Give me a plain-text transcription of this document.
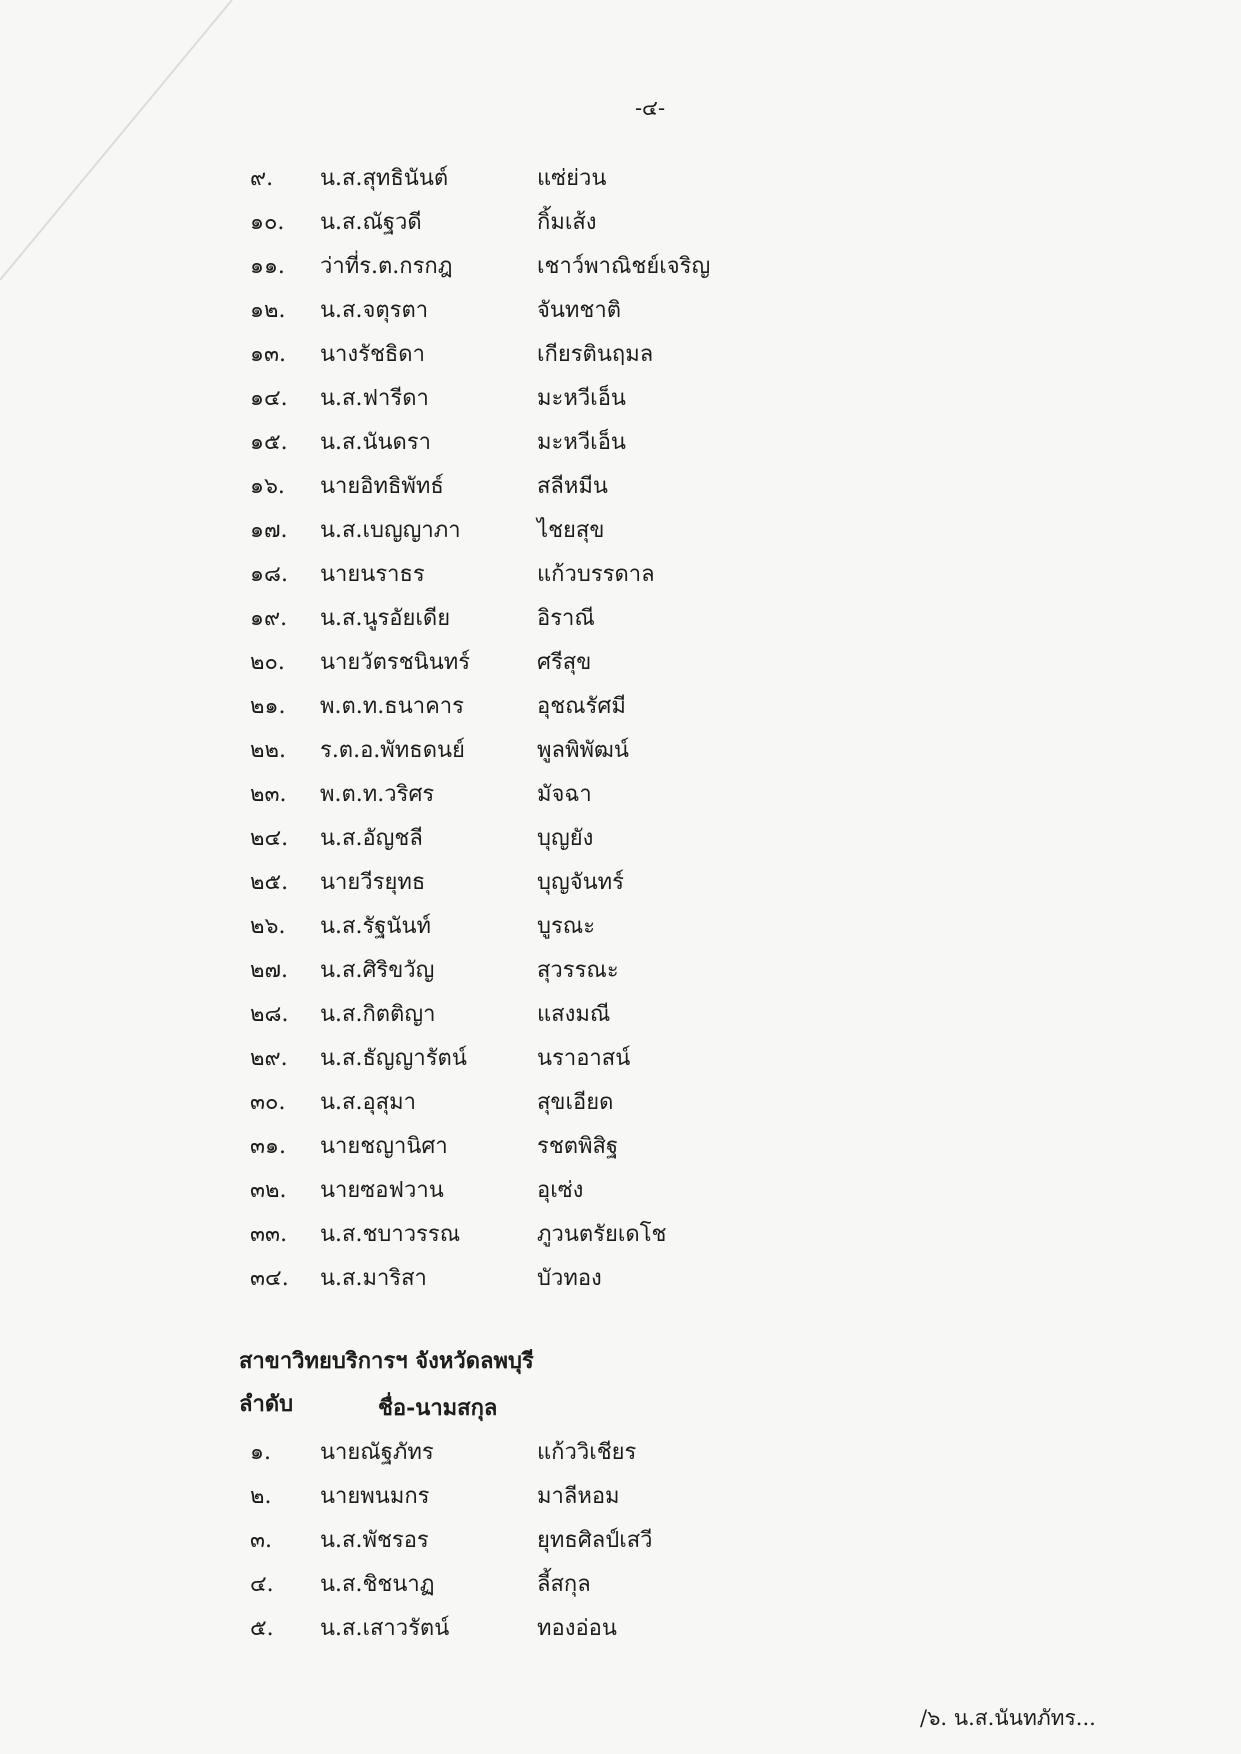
-๔-
๙. น.ส.สุทธินันต์	แซ่ย่วน
๑๐. น.ส.ณัฐวดี	กิ้มเส้ง
๑๑. ว่าที่ร.ต.กรกฎ	เชาว์พาณิชย์เจริญ
๑๒. น.ส.จตุรตา	จันทชาติ
๑๓. นางรัชธิดา	เกียรตินฤมล
๑๔. น.ส.ฟารีดา	มะหวีเอ็น
๑๕. น.ส.นันดรา	มะหวีเอ็น
๑๖. นายอิทธิพัทธ์	สลีหมีน
๑๗. น.ส.เบญญาภา	ไชยสุข
๑๘. นายนราธร	แก้วบรรดาล
๑๙. น.ส.นูรอัยเดีย	อิราณี
๒๐. นายวัตรชนินทร์	ศรีสุข
๒๑. พ.ต.ท.ธนาคาร	อุชณรัศมี
๒๒. ร.ต.อ.พัทธดนย์	พูลพิพัฒน์
๒๓. พ.ต.ท.วริศร	มัจฉา
๒๔. น.ส.อัญชลี	บุญยัง
๒๕. นายวีรยุทธ	บุญจันทร์
๒๖. น.ส.รัฐนันท์	บูรณะ
๒๗. น.ส.ศิริขวัญ	สุวรรณะ
๒๘. น.ส.กิตติญา	แสงมณี
๒๙. น.ส.ธัญญารัตน์	นราอาสน์
๓๐. น.ส.อุสุมา	สุขเอียด
๓๑. นายชญานิศา	รชตพิสิฐ
๓๒. นายซอฟวาน	อุเซ่ง
๓๓. น.ส.ชบาวรรณ	ภูวนตรัยเดโช
๓๔. น.ส.มาริสา	บัวทอง
สาขาวิทยบริการฯ จังหวัดลพบุรี
ลำดับ	ชื่อ-นามสกุล
๑. นายณัฐภัทร	แก้ววิเชียร
๒. นายพนมกร	มาลีหอม
๓. น.ส.พัชรอร	ยุทธศิลป์เสวี
๔. น.ส.ชิชนาฏ	ลี้สกุล
๕. น.ส.เสาวรัตน์	ทองอ่อน
/๖. น.ส.นันทภัทร...
